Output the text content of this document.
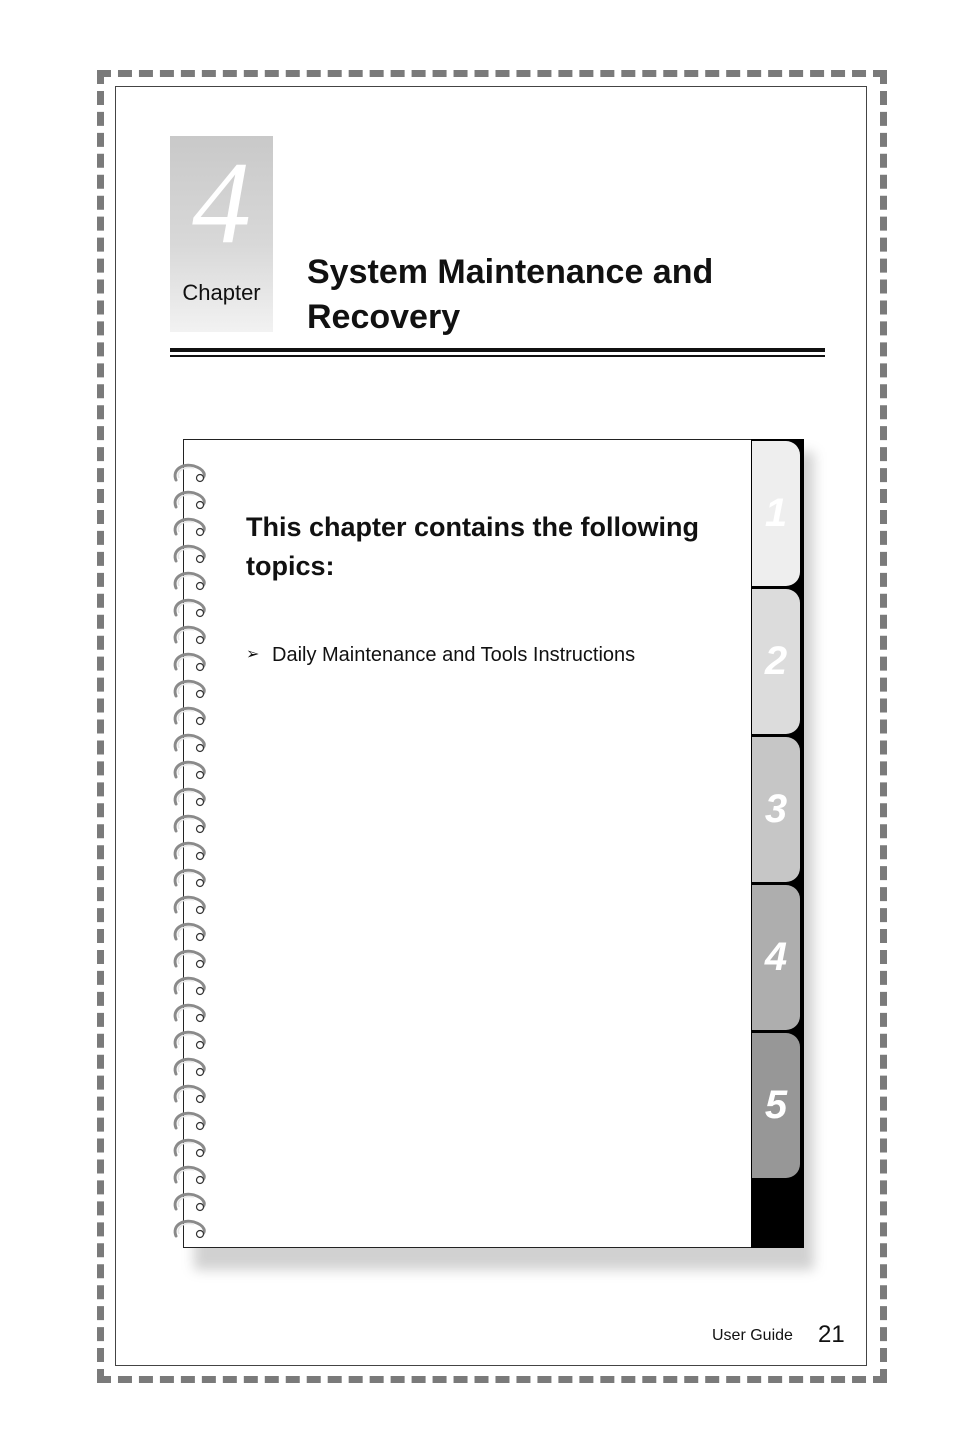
4
Chapter
System Maintenance and
Recovery
1
2
3
4
5
This chapter contains the following
topics:
➢ Daily Maintenance and Tools Instructions
User Guide 21
